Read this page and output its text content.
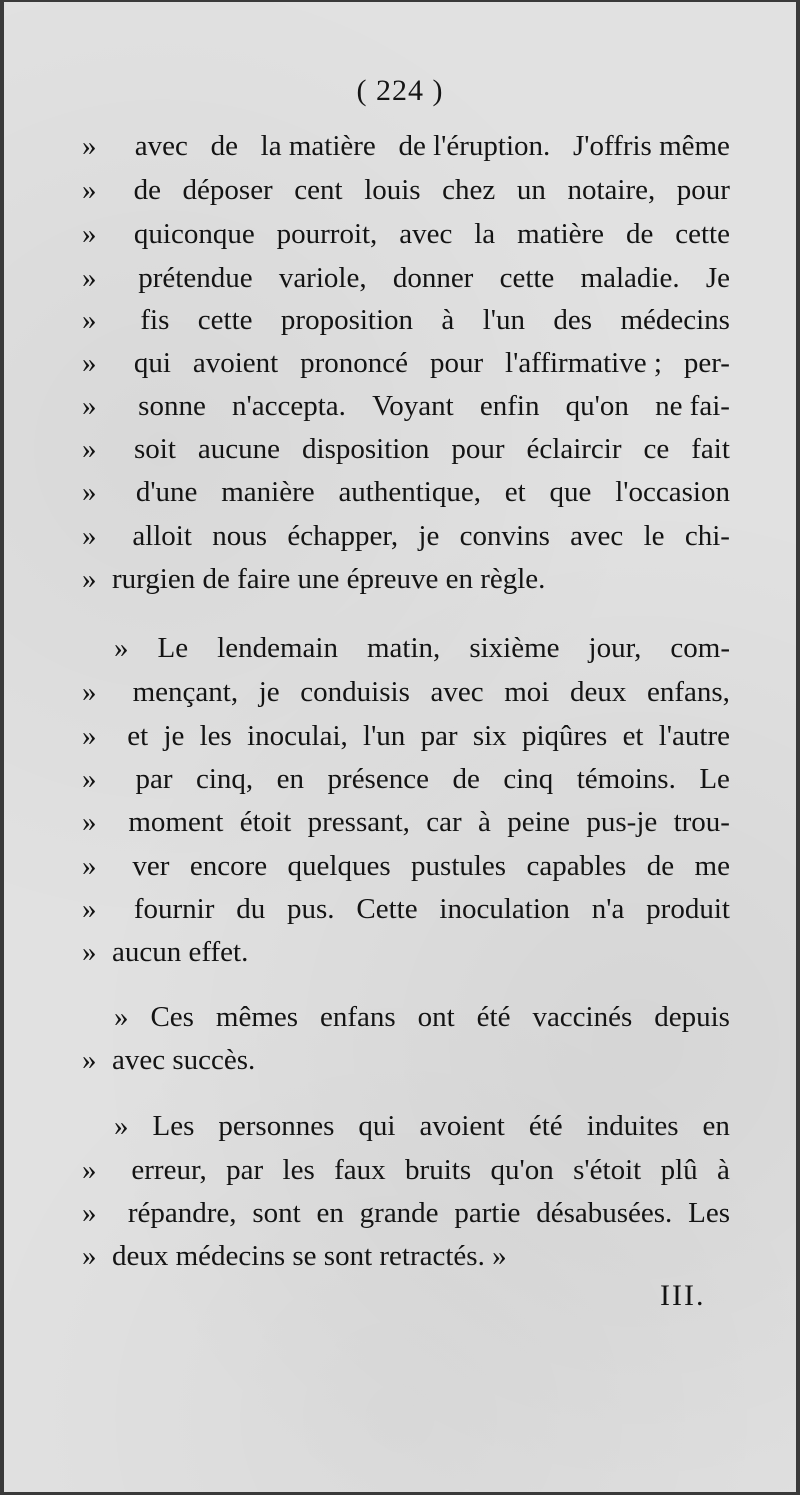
( 224 )
»	avec de la matière de l'éruption. J'offris même
»	de déposer cent louis chez un notaire, pour
»	quiconque pourroit, avec la matière de cette
»	prétendue variole, donner cette maladie. Je
»	fis cette proposition à l'un des médecins
»	qui avoient prononcé pour l'affirmative ; per-
»	sonne n'accepta. Voyant enfin qu'on ne fai-
»	soit aucune disposition pour éclaircir ce fait
»	d'une manière authentique, et que l'occasion
»	alloit nous échapper, je convins avec le chi-
» rurgien de faire une épreuve en règle.
» Le lendemain matin, sixième jour, com-
»	mençant, je conduisis avec moi deux enfans,
»	et je les inoculai, l'un par six piqûres et l'autre
»	par cinq, en présence de cinq témoins. Le
»	moment étoit pressant, car à peine pus-je trou-
»	ver encore quelques pustules capables de me
»	fournir du pus. Cette inoculation n'a produit
» aucun effet.
» Ces mêmes enfans ont été vaccinés depuis
» avec succès.
» Les personnes qui avoient été induites en
»	erreur, par les faux bruits qu'on s'étoit plû à
»	répandre, sont en grande partie désabusées. Les
» deux médecins se sont retractés. »
III.
